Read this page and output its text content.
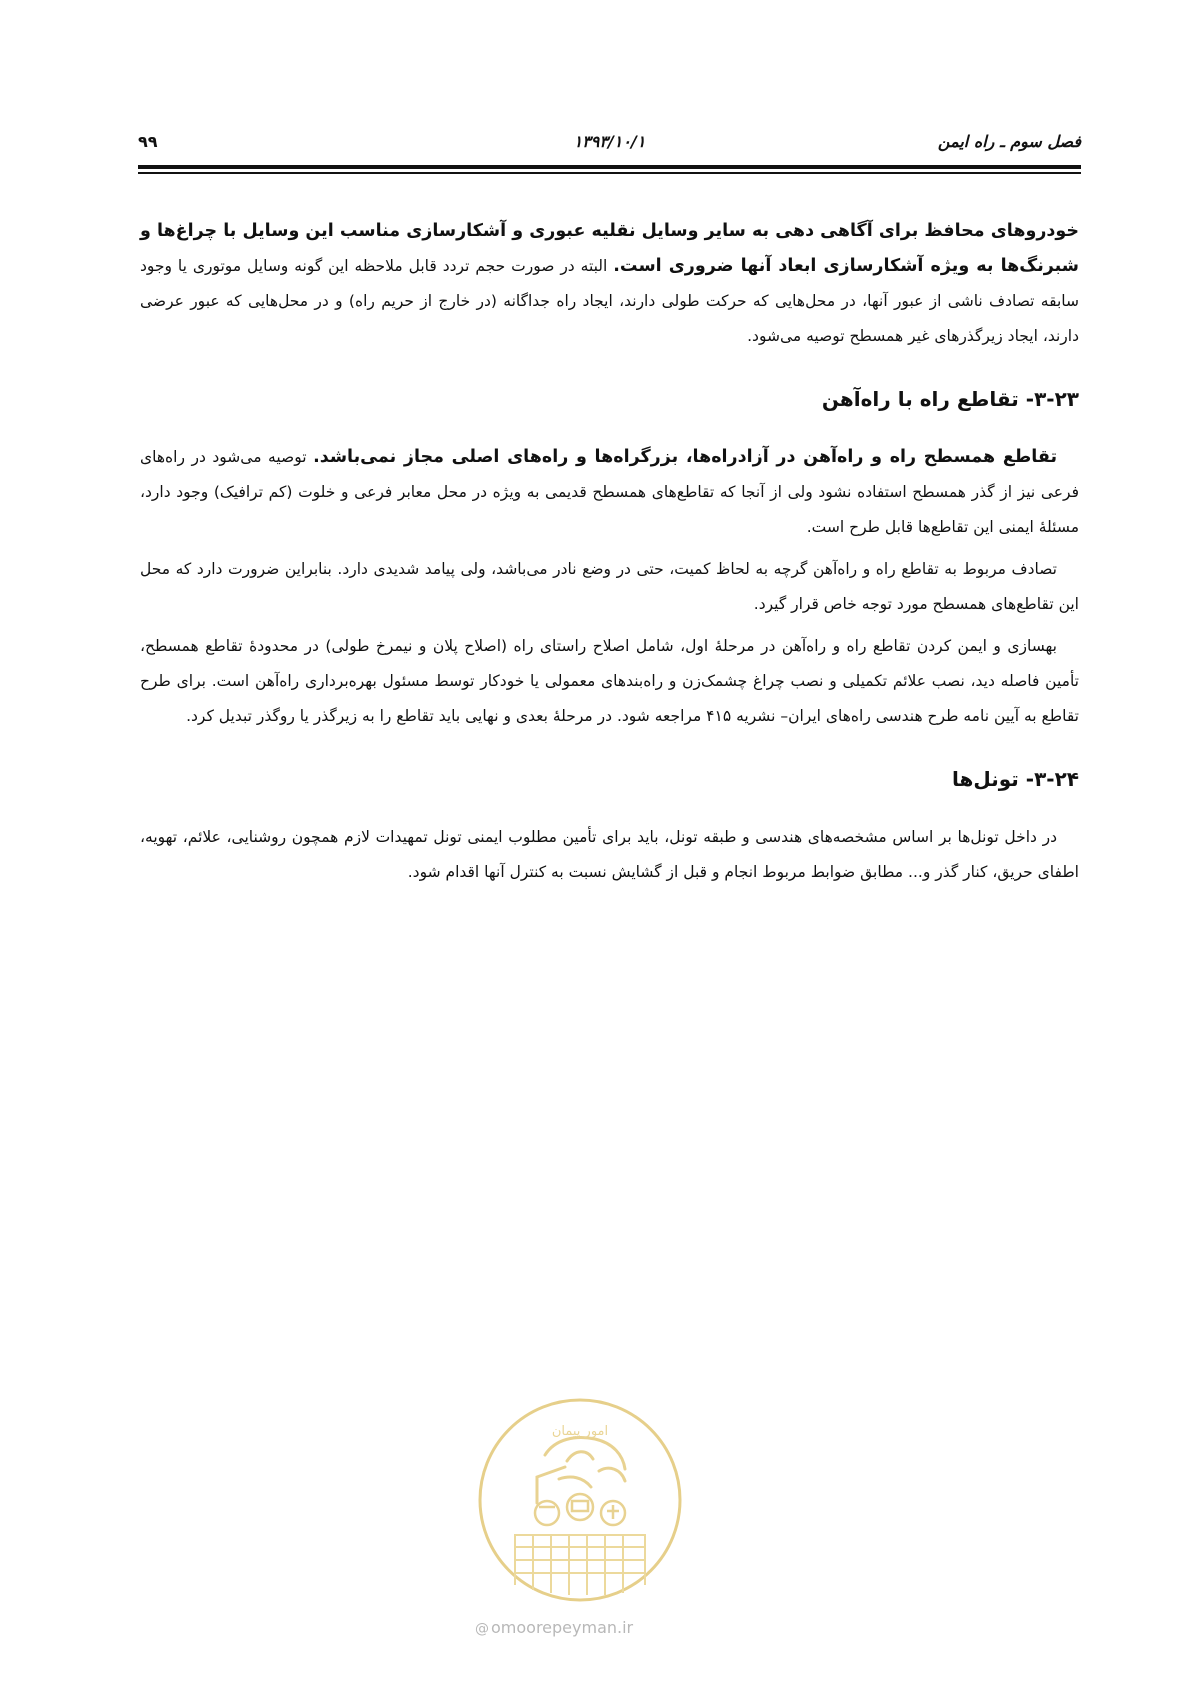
فصل سوم ـ راه ایمن
۱۳۹۳/۱۰/۱
۹۹

خودروهای محافظ برای آگاهی دهی به سایر وسایل نقلیه عبوری و آشکارسازی مناسب این وسایل با چراغ‌ها و شبرنگ‌ها به ویژه آشکارسازی ابعاد آنها ضروری است. البته در صورت حجم تردد قابل ملاحظه این گونه وسایل موتوری یا وجود سابقه تصادف ناشی از عبور آنها، در محل‌هایی که حرکت طولی دارند، ایجاد راه جداگانه (در خارج از حریم راه) و در محل‌هایی که عبور عرضی دارند، ایجاد زیرگذرهای غیر همسطح توصیه می‌شود.

۳-۲۳- تقاطع راه با راه‌آهن

تقاطع همسطح راه و راه‌آهن در آزادراه‌ها، بزرگراه‌ها و راه‌های اصلی مجاز نمی‌باشد. توصیه می‌شود در راه‌های فرعی نیز از گذر همسطح استفاده نشود ولی از آنجا که تقاطع‌های همسطح قدیمی به ویژه در محل معابر فرعی و خلوت (کم ترافیک) وجود دارد، مسئلۀ ایمنی این تقاطع‌ها قابل طرح است.

تصادف مربوط به تقاطع راه و راه‌آهن گرچه به لحاظ کمیت، حتی در وضع نادر می‌باشد، ولی پیامد شدیدی دارد. بنابراین ضرورت دارد که محل این تقاطع‌های همسطح مورد توجه خاص قرار گیرد.

بهسازی و ایمن کردن تقاطع راه و راه‌آهن در مرحلۀ اول، شامل اصلاح راستای راه (اصلاح پلان و نیمرخ طولی) در محدودۀ تقاطع همسطح، تأمین فاصله دید، نصب علائم تکمیلی و نصب چراغ چشمک‌زن و راه‌بندهای معمولی یا خودکار توسط مسئول بهره‌برداری راه‌آهن است. برای طرح تقاطع به آیین نامه طرح هندسی راه‌های ایران– نشریه ۴۱۵ مراجعه شود. در مرحلۀ بعدی و نهایی باید تقاطع را به زیرگذر یا روگذر تبدیل کرد.

۳-۲۴- تونل‌ها

در داخل تونل‌ها بر اساس مشخصه‌های هندسی و طبقه تونل، باید برای تأمین مطلوب ایمنی تونل تمهیدات لازم همچون روشنایی، علائم، تهویه، اطفای حریق، کنار گذر و... مطابق ضوابط مربوط انجام و قبل از گشایش نسبت به کنترل آنها اقدام شود.

امور پیمان
@ omoorepeyman.ir
